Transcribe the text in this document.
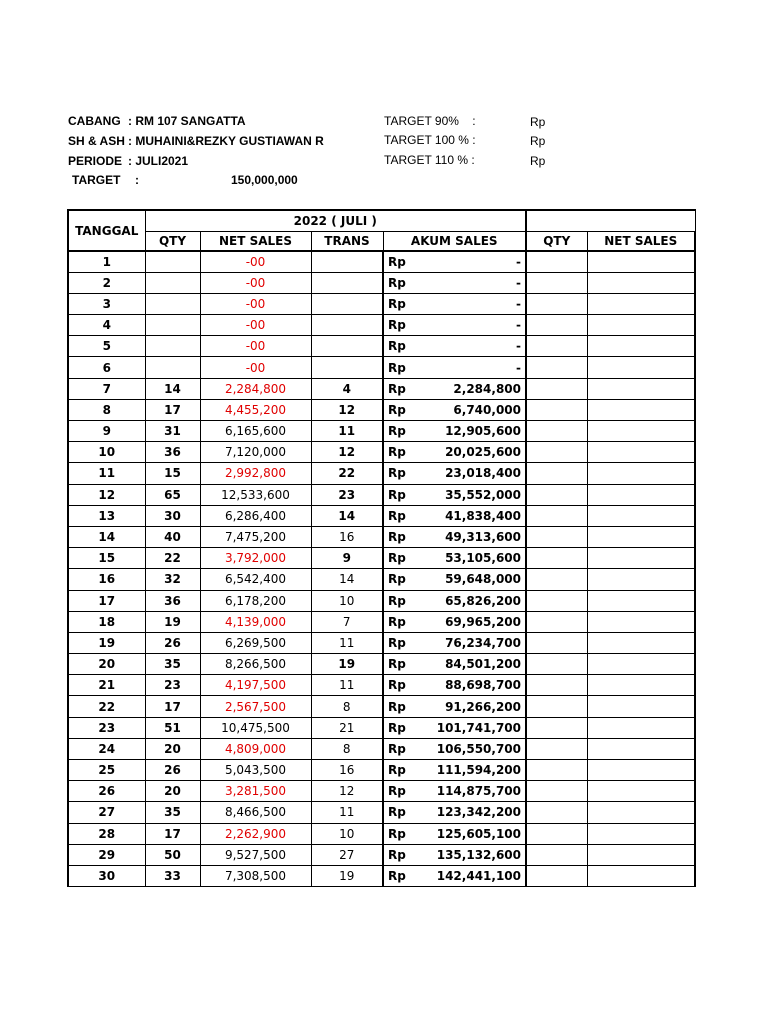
CABANG : RM 107 SANGATTA
SH & ASH : MUHAINI&REZKY GUSTIAWAN R
PERIODE : JULI2021
TARGET :	150,000,000
TARGET 90%    :
TARGET 100 % :
TARGET 110 % :
Rp
Rp
Rp
TANGGAL	2022 ( JULI )					
	QTY	NET SALES	TRANS	AKUM SALES	QTY	NET SALES
1		-00		Rp -		

2		-00		Rp -		

3		-00		Rp -		

4		-00		Rp -		

5		-00		Rp -		

6		-00		Rp -		

7	14	2,284,800	4	Rp 2,284,800		

8	17	4,455,200	12	Rp 6,740,000		

9	31	6,165,600	11	Rp 12,905,600		

10	36	7,120,000	12	Rp 20,025,600		

11	15	2,992,800	22	Rp 23,018,400		

12	65	12,533,600	23	Rp 35,552,000		

13	30	6,286,400	14	Rp 41,838,400		

14	40	7,475,200	16	Rp 49,313,600		

15	22	3,792,000	9	Rp 53,105,600		

16	32	6,542,400	14	Rp 59,648,000		

17	36	6,178,200	10	Rp 65,826,200		

18	19	4,139,000	7	Rp 69,965,200		

19	26	6,269,500	11	Rp 76,234,700		

20	35	8,266,500	19	Rp 84,501,200		

21	23	4,197,500	11	Rp 88,698,700		

22	17	2,567,500	8	Rp 91,266,200		

23	51	10,475,500	21	Rp 101,741,700		

24	20	4,809,000	8	Rp 106,550,700		

25	26	5,043,500	16	Rp 111,594,200		

26	20	3,281,500	12	Rp 114,875,700		

27	35	8,466,500	11	Rp 123,342,200		

28	17	2,262,900	10	Rp 125,605,100		

29	50	9,527,500	27	Rp 135,132,600		

30	33	7,308,500	19	Rp 142,441,100		
